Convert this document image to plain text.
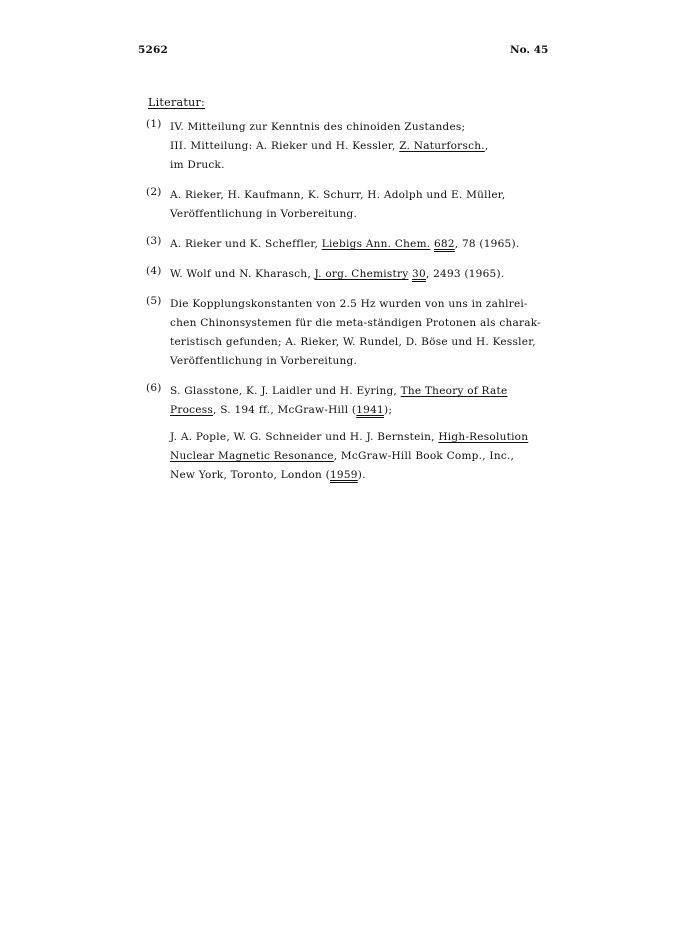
5262	No. 45
Literatur:
(1) IV. Mitteilung zur Kenntnis des chinoiden Zustandes;
III. Mitteilung: A. Rieker und H. Kessler, Z. Naturforsch.,
im Druck.
(2) A. Rieker, H. Kaufmann, K. Schurr, H. Adolph und E. Müller,
Veröffentlichung in Vorbereitung.
(3) A. Rieker und K. Scheffler, Liebigs Ann. Chem. 682, 78 (1965).
(4) W. Wolf und N. Kharasch, J. org. Chemistry 30, 2493 (1965).
(5) Die Kopplungskonstanten von 2.5 Hz wurden von uns in zahlrei-
chen Chinonsystemen für die meta-ständigen Protonen als charak-
teristisch gefunden; A. Rieker, W. Rundel, D. Böse und H. Kessler,
Veröffentlichung in Vorbereitung.
(6) S. Glasstone, K. J. Laidler und H. Eyring, The Theory of Rate
Process, S. 194 ff., McGraw-Hill (1941);
J. A. Pople, W. G. Schneider und H. J. Bernstein, High-Resolution
Nuclear Magnetic Resonance, McGraw-Hill Book Comp., Inc.,
New York, Toronto, London (1959).
